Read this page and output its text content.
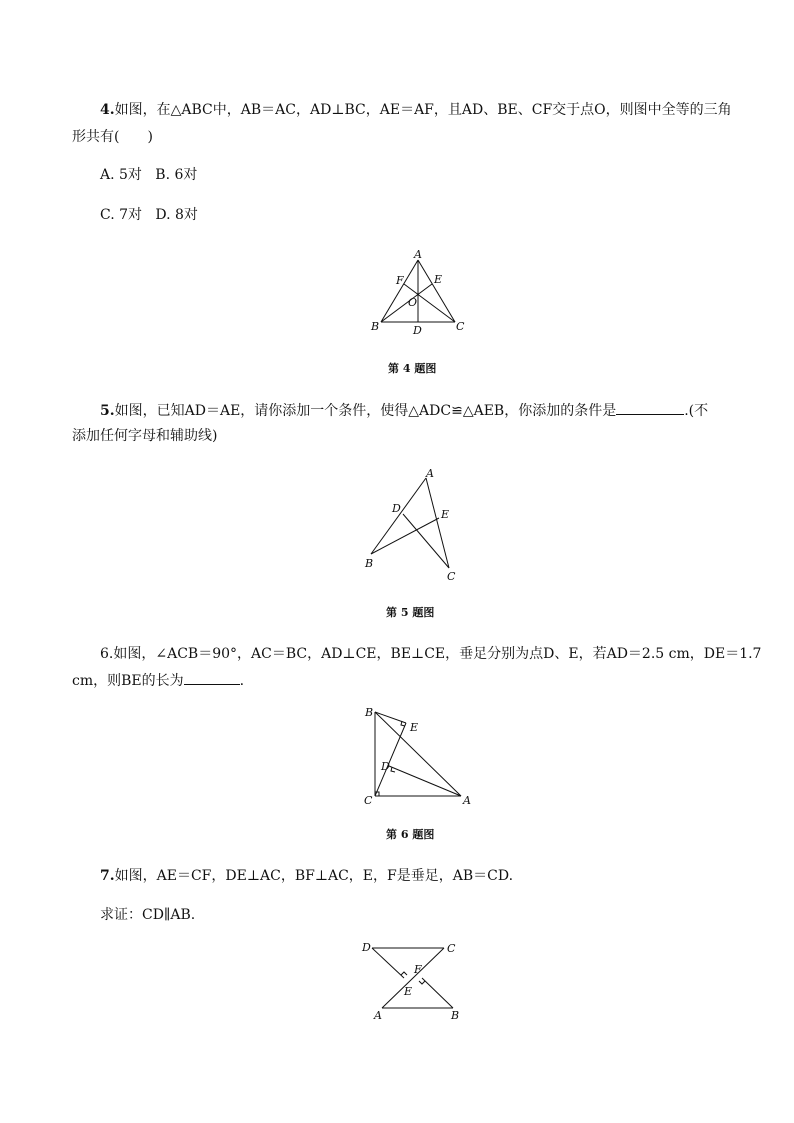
4.如图，在△ABC中，AB＝AC，AD⊥BC，AE＝AF，且AD、BE、CF交于点O，则图中全等的三角
形共有(　　)
A. 5对 B. 6对
C. 7对 D. 8对
A
F	E
O
B	D	C
第 4 题图
5.如图，已知AD＝AE，请你添加一个条件，使得△ADC≌△AEB，你添加的条件是	.(不
添加任何字母和辅助线)
A
D	E
B
C
第 5 题图
6.如图，∠ACB＝90°，AC＝BC，AD⊥CE，BE⊥CE，垂足分别为点D、E，若AD＝2.5 cm，DE＝1.7
cm，则BE的长为	.
B
E
D
C	A
第 6 题图
7.如图，AE＝CF，DE⊥AC，BF⊥AC，E，F是垂足，AB＝CD.
求证：CD∥AB.
D	C
F
E
A	B
